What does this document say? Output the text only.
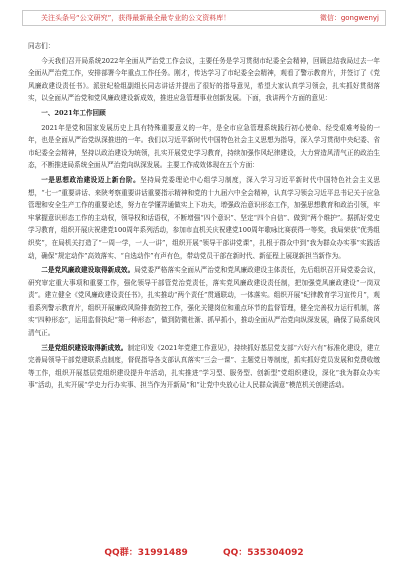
关注头条号“公文研究”，获得最新最全最专业的公文资料库！	微信：gongwenyj

同志们：

今天我们召开局系统2022年全面从严治党工作会议，主要任务是学习贯彻市纪委全会精神，回顾总结我局过去一年全面从严治党工作，安排部署今年重点工作任务。刚才，传达学习了市纪委全会精神，观看了警示教育片，并签订了《党风廉政建设责任书》。派驻纪检组副组长同志讲话并提出了很好的指导意见，希望大家认真学习领会，扎实抓好贯彻落实，以全面从严治党和党风廉政建设新成效，推进应急管理事业创新发展。下面，我讲两个方面的意见：

一、2021年工作回顾

2021年是党和国家发展历史上具有特殊重要意义的一年，是全市应急管理系统践行初心使命、经受艰难考验的一年，也是全面从严治党纵深推进的一年。我们以习近平新时代中国特色社会主义思想为指导，深入学习贯彻中央纪委、省市纪委全会精神，坚持以政治建设为统领，扎实开展党史学习教育，持续加强作风纪律建设，大力营造风清气正的政治生态，不断推进局系统全面从严治党向纵深发展。主要工作成效体现在五个方面：

一是思想政治建设迈上新台阶。坚持局党委理论中心组学习制度，深入学习习近平新时代中国特色社会主义思想，“七一”重要讲话、来陕考察重要讲话重要指示精神和党的十九届六中全会精神，认真学习领会习近平总书记关于应急管理和安全生产工作的重要论述，努力在学懂弄通做实上下功夫，增强政治意识形态工作，加强思想教育和政治引领，牢牢掌握意识形态工作的主动权，领导权和话语权，不断增强“四个意识”、坚定“四个自信”、做到“两个维护”。据抓好党史学习教育，组织开展庆祝建党100周年系列活动，参加市直机关庆祝建党100周年歌咏比赛获得一等奖，我局荣获“优秀组织奖”，在局机关打造了“一周一学，一人一讲”，组织开展“领导干部讲党课”，扎根于群众中到“我为群众办实事”实践活动，确保“规定动作”高效落实、“自选动作”有声有色，带动党员干部在新时代、新征程上展现新担当新作为。

二是党风廉政建设取得新成效。局党委严格落实全面从严治党和党风廉政建设主体责任，先后组织召开局党委会议，研究审定重大事项和重要工作，强化领导干部管党治党责任，落实党风廉政建设责任制，把加强党风廉政建设“一岗双责”。建立健全《党风廉政建设责任书》，扎实推动“两个责任”贯通联动，一体落实。组织开展“纪律教育学习宣传月”，观看系列警示教育片，组织开展廉政风险排查防控工作，强化关键岗位和重点环节的监督管理，健全完善权力运行机制，落实“四种形态”，运用监督执纪“第一种形态”，做到防微杜渐、抓早抓小，推动全面从严治党向纵深发展，确保了局系统风清气正。

三是党组织建设取得新成效。制定印发《2021年党建工作意见》，持续抓好基层党支部“六好六有”标准化建设，建立完善局领导干部党建联系点制度，督促指导各支部认真落实“三会一课”、主题党日等制度，抓实抓好党员发展和党费收缴等工作，组织开展基层党组织建设提升年活动，扎实推进“学习型、服务型、创新型”党组织建设，深化“我为群众办实事”活动，扎实开展“学史力行办实事、担当作为开新局”和“让党中央放心让人民群众满意”模范机关创建活动。

QQ群：31991489	QQ：535304092
